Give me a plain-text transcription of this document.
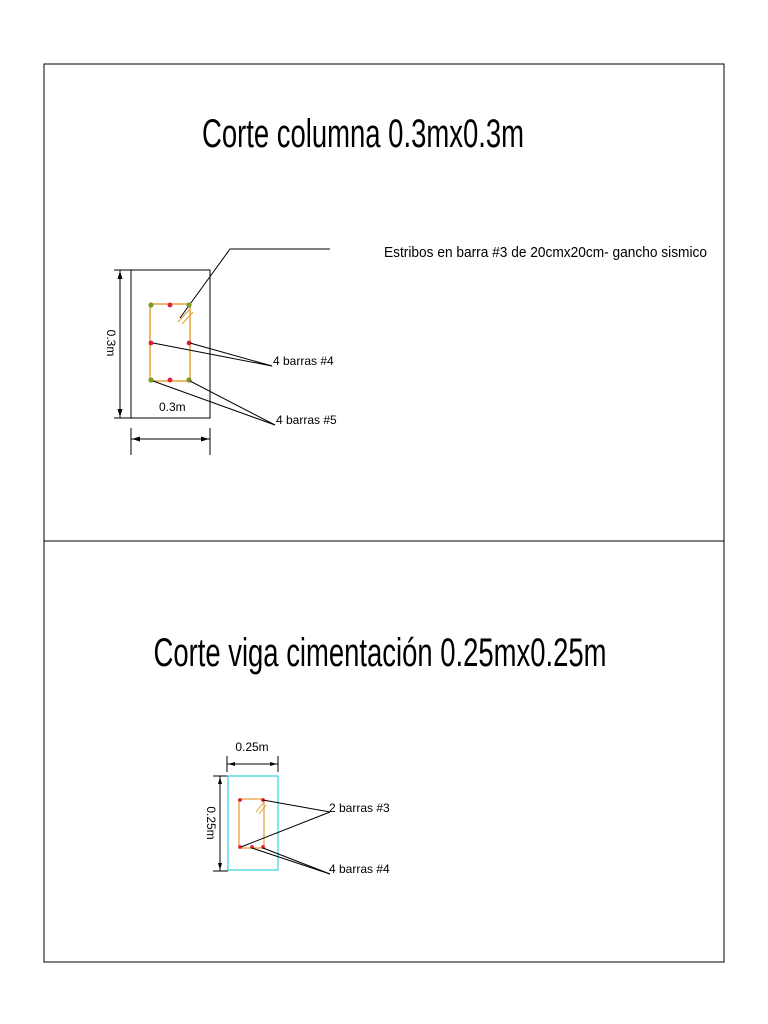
Corte columna 0.3mx0.3m
Estribos en barra #3 de 20cmx20cm- gancho sismico
4 barras #4
4 barras #5
0.3m
0.3m
Corte viga cimentación 0.25mx0.25m
0.25m
0.25m	2 barras #3
4 barras #4
